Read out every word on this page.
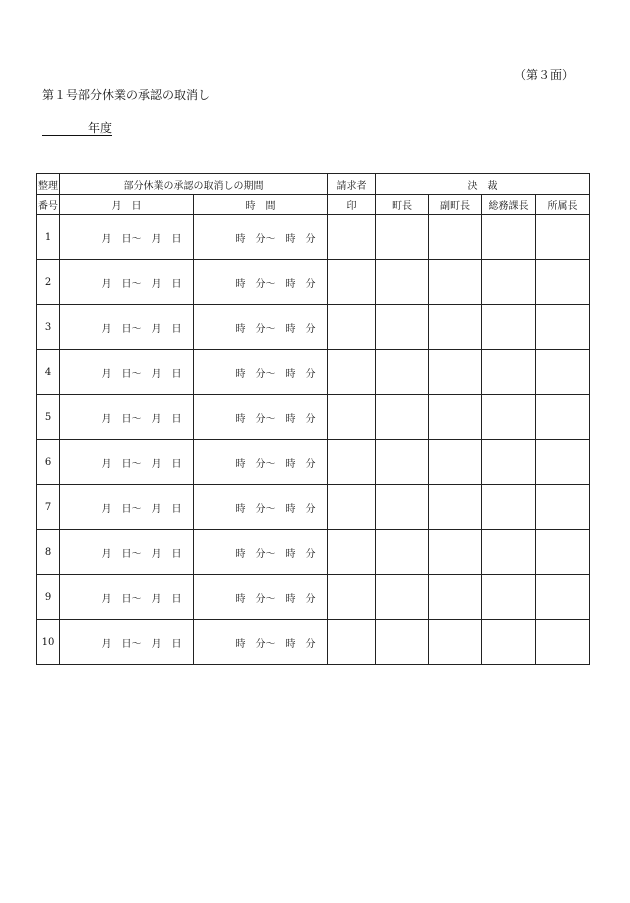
（第３面）
第１号部分休業の承認の取消し
年度
整理	部分休業の承認の取消しの期間		請求者	決　裁			
番号	月　日	時　間	印	町長	副町長	総務課長	所属長
1	月　日～　月　日	時　分～　時　分					
2	月　日～　月　日	時　分～　時　分					
3	月　日～　月　日	時　分～　時　分					
4	月　日～　月　日	時　分～　時　分					
5	月　日～　月　日	時　分～　時　分					
6	月　日～　月　日	時　分～　時　分					
7	月　日～　月　日	時　分～　時　分					
8	月　日～　月　日	時　分～　時　分					
9	月　日～　月　日	時　分～　時　分					
10	月　日～　月　日	時　分～　時　分					
